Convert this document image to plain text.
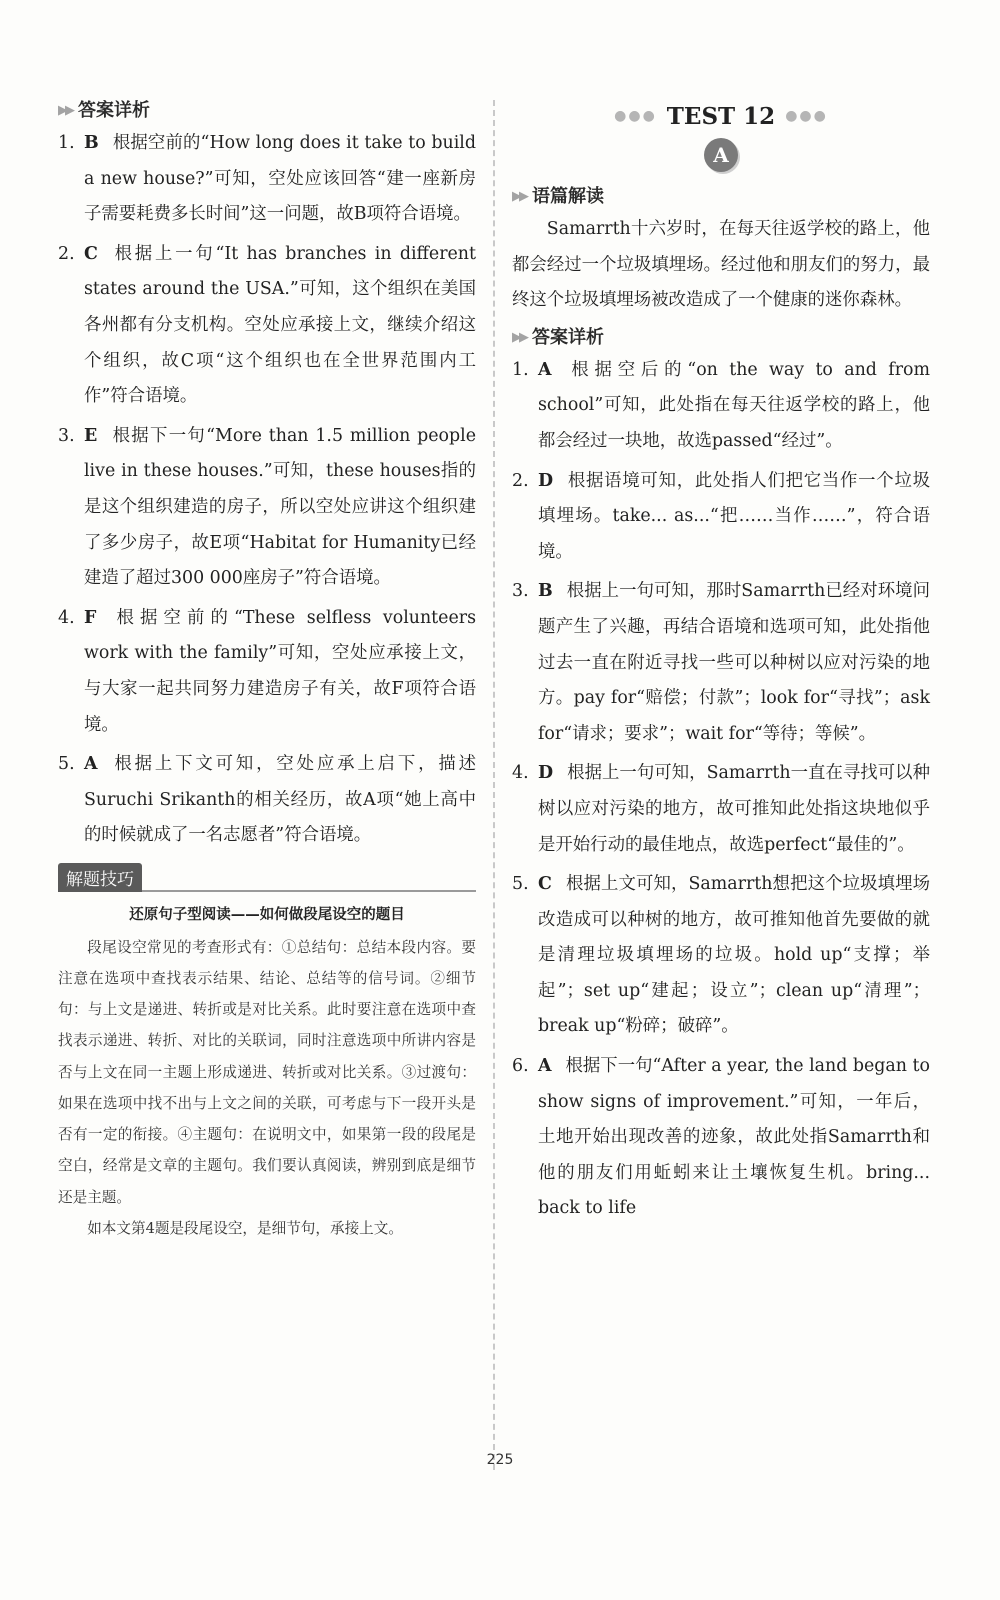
▶▶ 答案详析
1. B 根据空前的“How long does it take to build a new house?”可知，空处应该回答“建一座新房子需要耗费多长时间”这一问题，故B项符合语境。
2. C 根据上一句“It has branches in different states around the USA.”可知，这个组织在美国各州都有分支机构。空处应承接上文，继续介绍这个组织，故C项“这个组织也在全世界范围内工作”符合语境。
3. E 根据下一句“More than 1.5 million people live in these houses.”可知，these houses指的是这个组织建造的房子，所以空处应讲这个组织建了多少房子，故E项“Habitat for Humanity已经建造了超过300 000座房子”符合语境。
4. F 根据空前的“These selfless volunteers work with the family”可知，空处应承接上文，与大家一起共同努力建造房子有关，故F项符合语境。
5. A 根据上下文可知，空处应承上启下，描述Suruchi Srikanth的相关经历，故A项“她上高中的时候就成了一名志愿者”符合语境。
解题技巧
还原句子型阅读——如何做段尾设空的题目

段尾设空常见的考查形式有：①总结句：总结本段内容。要注意在选项中查找表示结果、结论、总结等的信号词。②细节句：与上文是递进、转折或是对比关系。此时要注意在选项中查找表示递进、转折、对比的关联词，同时注意选项中所讲内容是否与上文在同一主题上形成递进、转折或对比关系。③过渡句：如果在选项中找不出与上文之间的关联，可考虑与下一段开头是否有一定的衔接。④主题句：在说明文中，如果第一段的段尾是空白，经常是文章的主题句。我们要认真阅读，辨别到底是细节还是主题。

如本文第4题是段尾设空，是细节句，承接上文。

●●● TEST 12 ●●●
A
▶▶ 语篇解读
Samarrth十六岁时，在每天往返学校的路上，他都会经过一个垃圾填埋场。经过他和朋友们的努力，最终这个垃圾填埋场被改造成了一个健康的迷你森林。
▶▶ 答案详析
1. A 根据空后的“on the way to and from school”可知，此处指在每天往返学校的路上，他都会经过一块地，故选passed“经过”。
2. D 根据语境可知，此处指人们把它当作一个垃圾填埋场。take... as...“把……当作……”，符合语境。
3. B 根据上一句可知，那时Samarrth已经对环境问题产生了兴趣，再结合语境和选项可知，此处指他过去一直在附近寻找一些可以种树以应对污染的地方。pay for“赔偿；付款”；look for“寻找”；ask for“请求；要求”；wait for“等待；等候”。
4. D 根据上一句可知，Samarrth一直在寻找可以种树以应对污染的地方，故可推知此处指这块地似乎是开始行动的最佳地点，故选perfect“最佳的”。
5. C 根据上文可知，Samarrth想把这个垃圾填埋场改造成可以种树的地方，故可推知他首先要做的就是清理垃圾填埋场的垃圾。hold up“支撑；举起”；set up“建起；设立”；clean up“清理”；break up“粉碎；破碎”。
6. A 根据下一句“After a year, the land began to show signs of improvement.”可知，一年后，土地开始出现改善的迹象，故此处指Samarrth和他的朋友们用蚯蚓来让土壤恢复生机。bring... back to life
225
